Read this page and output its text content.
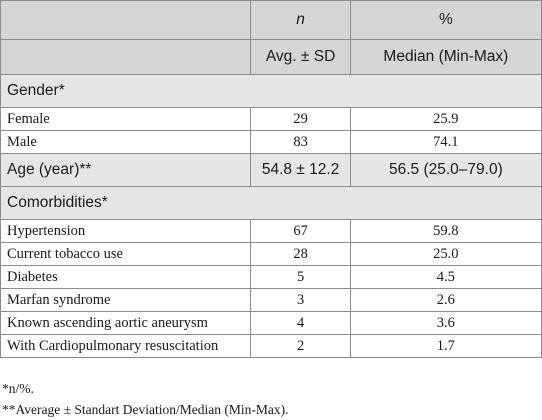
	n	%
	Avg. ± SD	Median (Min-Max)
Gender*		
Female	29	25.9
Male	83	74.1
Age (year)**	54.8 ± 12.2	56.5 (25.0–79.0)
Comorbidities*		
Hypertension	67	59.8
Current tobacco use	28	25.0
Diabetes	5	4.5
Marfan syndrome	3	2.6
Known ascending aortic aneurysm	4	3.6
With Cardiopulmonary resuscitation	2	1.7
*n/%.
**Average ± Standart Deviation/Median (Min-Max).
